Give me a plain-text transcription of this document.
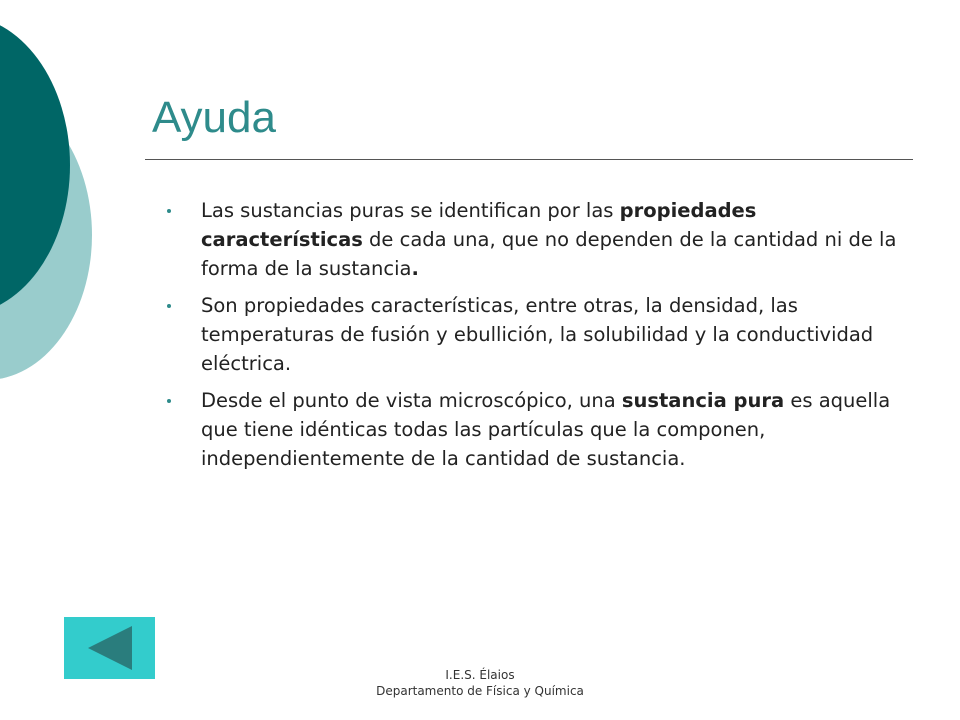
Ayuda
Las sustancias puras se identifican por las propiedades características de cada una, que no dependen de la cantidad ni de la forma de la sustancia.
Son propiedades características, entre otras, la densidad, las temperaturas de fusión y ebullición, la solubilidad y la conductividad eléctrica.
Desde el punto de vista microscópico, una sustancia pura es aquella que tiene idénticas todas las partículas que la componen, independientemente de la cantidad de sustancia.
I.E.S. Élaios
Departamento de Física y Química
